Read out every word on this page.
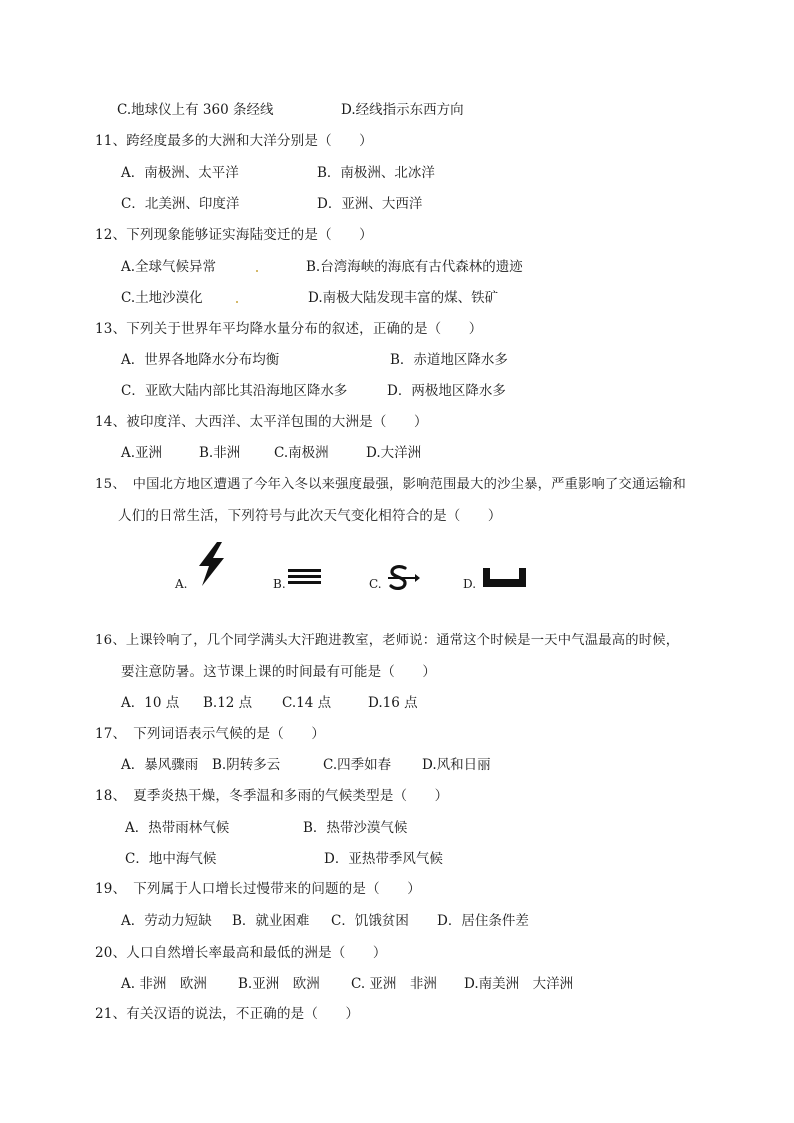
C.地球仪上有 360 条经线	D.经线指示东西方向
11、跨经度最多的大洲和大洋分别是（　　）
A．南极洲、太平洋	B．南极洲、北冰洋
C．北美洲、印度洋	D．亚洲、大西洋
12、下列现象能够证实海陆变迁的是（　　）
A.全球气候异常	B.台湾海峡的海底有古代森林的遗迹
C.土地沙漠化	D.南极大陆发现丰富的煤、铁矿
13、下列关于世界年平均降水量分布的叙述，正确的是（　　）
A．世界各地降水分布均衡	B．赤道地区降水多
C．亚欧大陆内部比其沿海地区降水多	D．两极地区降水多
14、被印度洋、大西洋、太平洋包围的大洲是（　　）
A.亚洲	B.非洲	C.南极洲	D.大洋洲
15、　中国北方地区遭遇了今年入冬以来强度最强，影响范围最大的沙尘暴，严重影响了交通运输和
人们的日常生活，下列符号与此次天气变化相符合的是（　　）
A.	B.	C.	D.
16、上课铃响了，几个同学满头大汗跑进教室，老师说：通常这个时候是一天中气温最高的时候，
要注意防暑。这节课上课的时间最有可能是（　　）
A．10 点 B.12 点 C.14 点	D.16 点
17、　下列词语表示气候的是（　　）
A．暴风骤雨 B.阴转多云	C.四季如春 D.风和日丽
18、　夏季炎热干燥，冬季温和多雨的气候类型是（　　）
A．热带雨林气候	B．热带沙漠气候
C．地中海气候	D．亚热带季风气候
19、　下列属于人口增长过慢带来的问题的是（　　）
A．劳动力短缺 B．就业困难 C．饥饿贫困 D．居住条件差
20、人口自然增长率最高和最低的洲是（　　）
A. 非洲　欧洲 B.亚洲　欧洲 C. 亚洲　非洲 D.南美洲　大洋洲
21、有关汉语的说法，不正确的是（　　）
